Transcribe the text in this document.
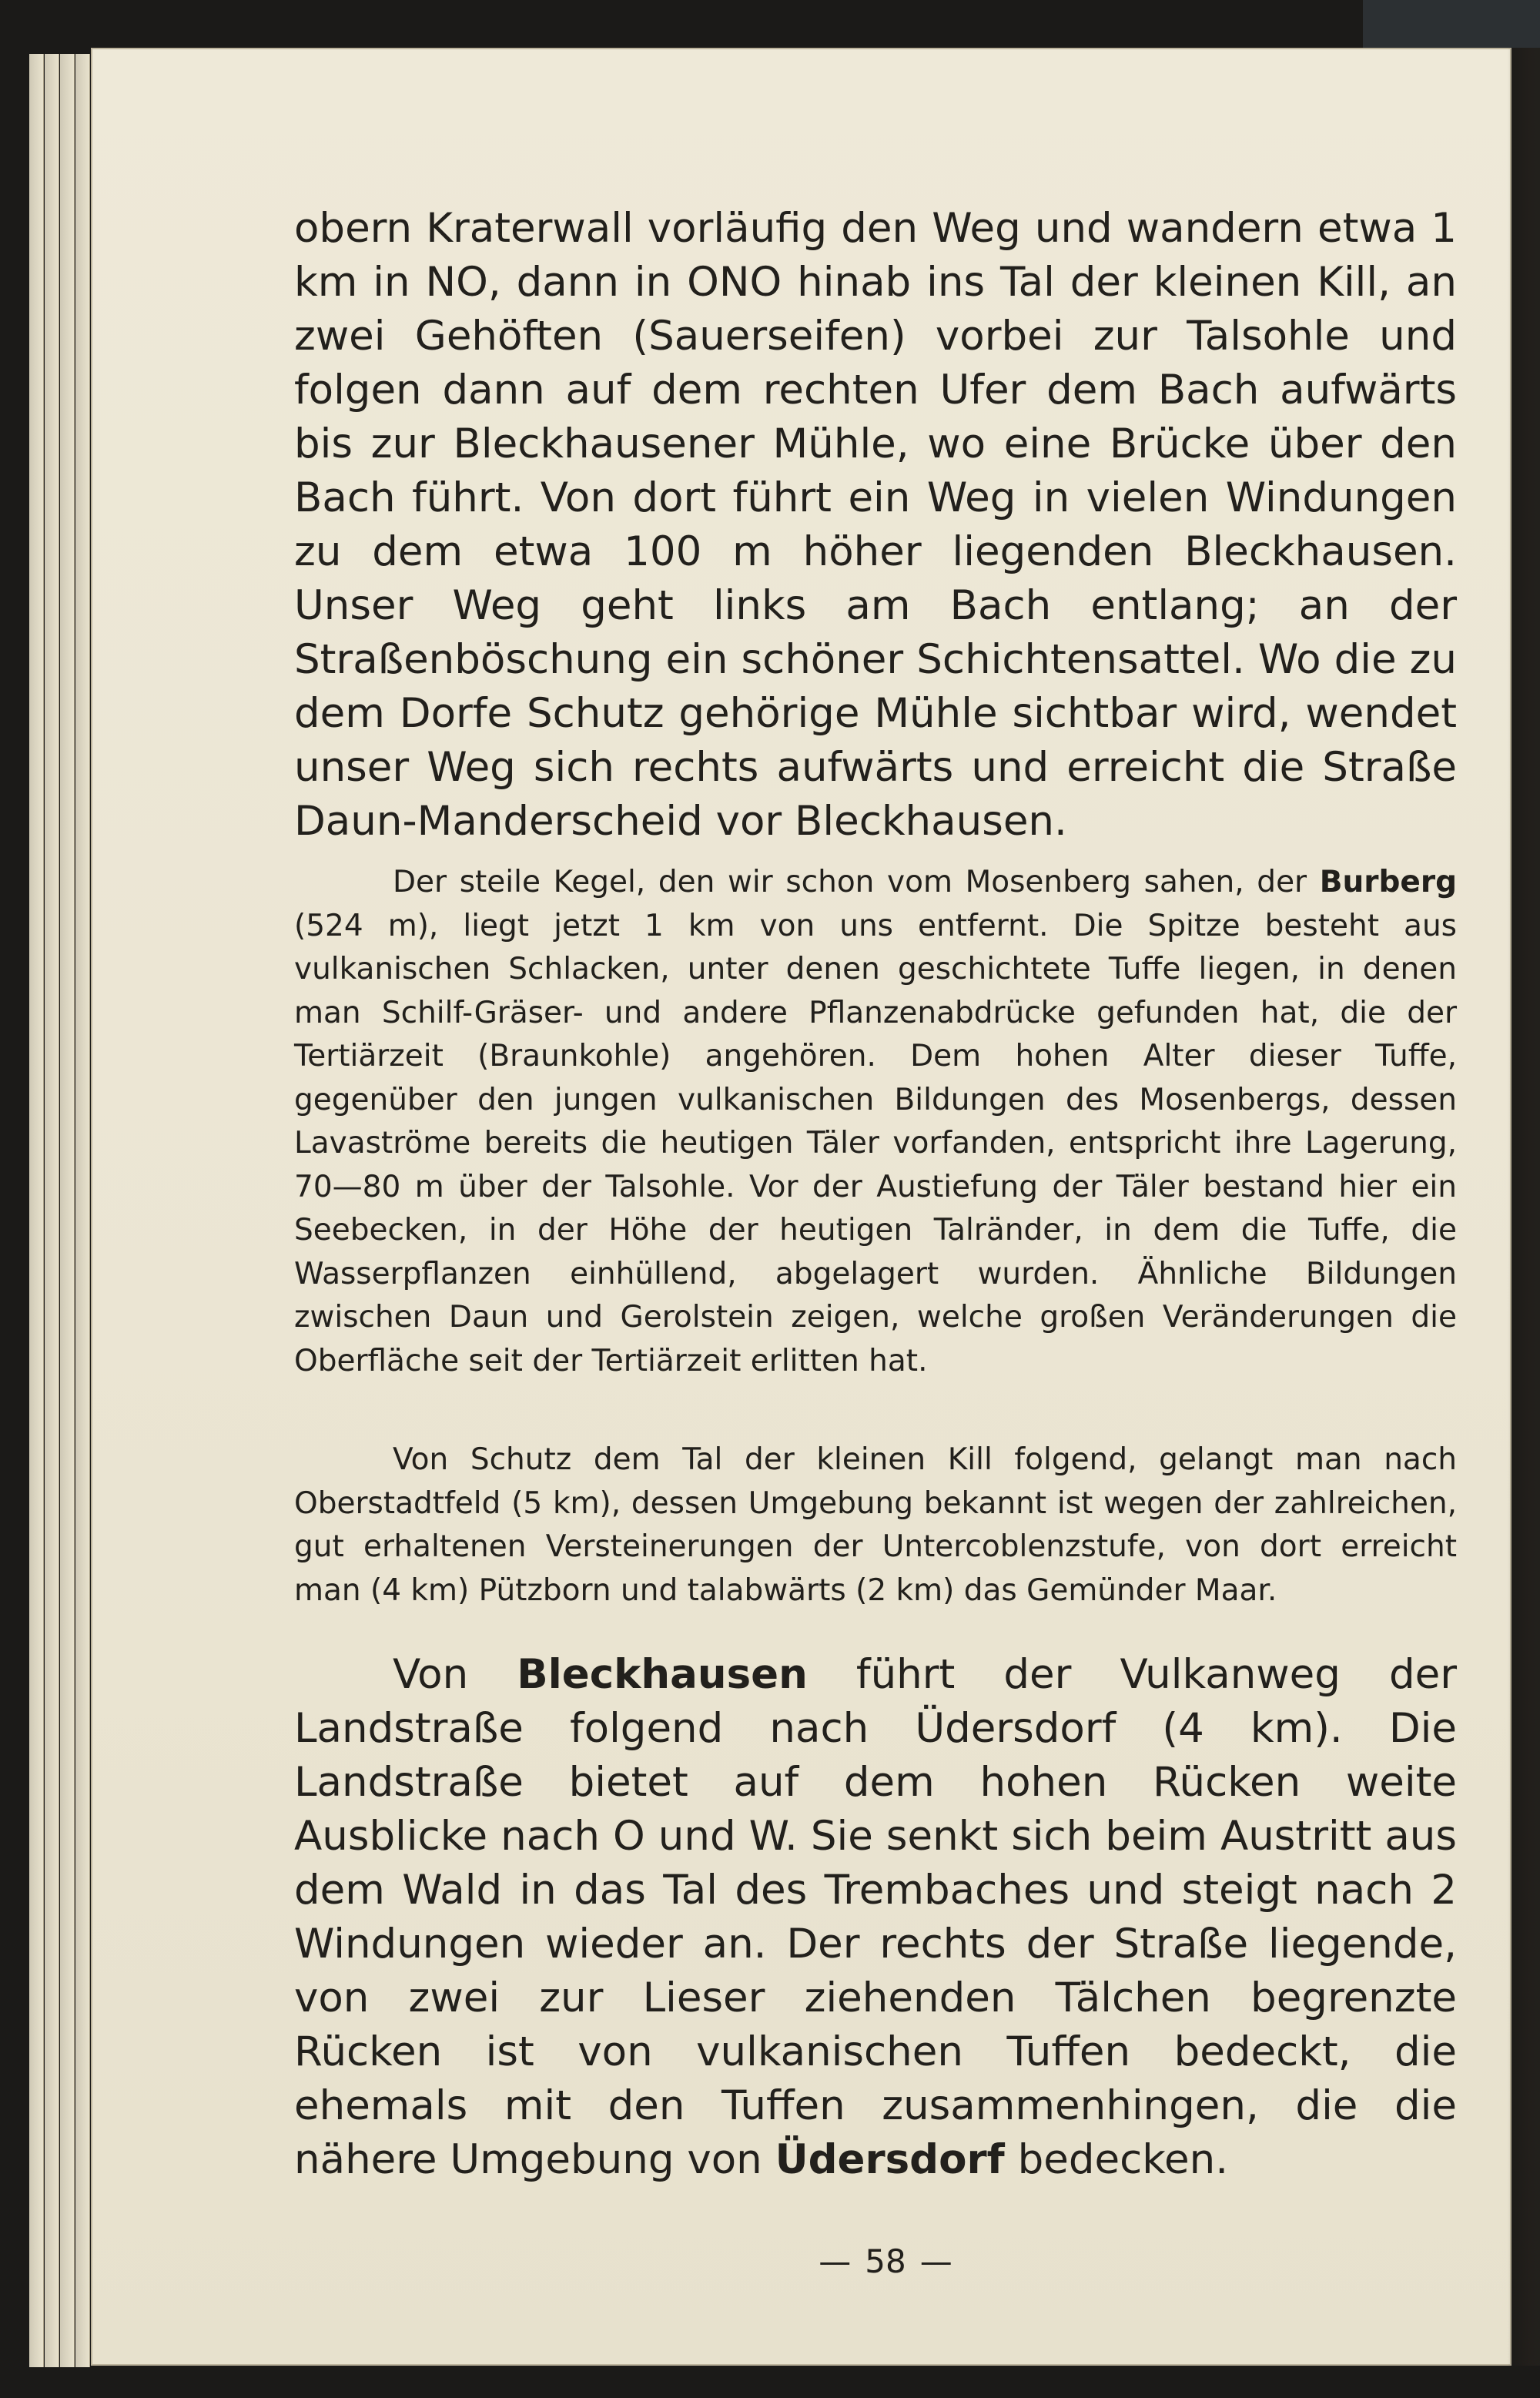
obern Kraterwall vorläufig den Weg und wandern etwa 1 km in NO, dann in ONO hinab ins Tal der kleinen Kill, an zwei Gehöften (Sauerseifen) vorbei zur Talsohle und folgen dann auf dem rechten Ufer dem Bach aufwärts bis zur Bleckhausener Mühle, wo eine Brücke über den Bach führt. Von dort führt ein Weg in vielen Windungen zu dem etwa 100 m höher liegenden Bleckhausen. Unser Weg geht links am Bach entlang; an der Straßenböschung ein schöner Schichtensattel. Wo die zu dem Dorfe Schutz gehörige Mühle sichtbar wird, wendet unser Weg sich rechts aufwärts und erreicht die Straße Daun-Manderscheid vor Bleckhausen.

Der steile Kegel, den wir schon vom Mosenberg sahen, der Burberg (524 m), liegt jetzt 1 km von uns entfernt. Die Spitze besteht aus vulkanischen Schlacken, unter denen geschichtete Tuffe liegen, in denen man Schilf-Gräser- und andere Pflanzenabdrücke gefunden hat, die der Tertiärzeit (Braunkohle) angehören. Dem hohen Alter dieser Tuffe, gegenüber den jungen vulkanischen Bildungen des Mosenbergs, dessen Lavaströme bereits die heutigen Täler vorfanden, entspricht ihre Lagerung, 70—80 m über der Talsohle. Vor der Austiefung der Täler bestand hier ein Seebecken, in der Höhe der heutigen Talränder, in dem die Tuffe, die Wasserpflanzen einhüllend, abgelagert wurden. Ähnliche Bildungen zwischen Daun und Gerolstein zeigen, welche großen Veränderungen die Oberfläche seit der Tertiärzeit erlitten hat.

Von Schutz dem Tal der kleinen Kill folgend, gelangt man nach Oberstadtfeld (5 km), dessen Umgebung bekannt ist wegen der zahlreichen, gut erhaltenen Versteinerungen der Untercoblenzstufe, von dort erreicht man (4 km) Pützborn und talabwärts (2 km) das Gemünder Maar.

Von Bleckhausen führt der Vulkanweg der Landstraße folgend nach Üdersdorf (4 km). Die Landstraße bietet auf dem hohen Rücken weite Ausblicke nach O und W. Sie senkt sich beim Austritt aus dem Wald in das Tal des Trembaches und steigt nach 2 Windungen wieder an. Der rechts der Straße liegende, von zwei zur Lieser ziehenden Tälchen begrenzte Rücken ist von vulkanischen Tuffen bedeckt, die ehemals mit den Tuffen zusammenhingen, die die nähere Umgebung von Üdersdorf bedecken.

— 58 —
